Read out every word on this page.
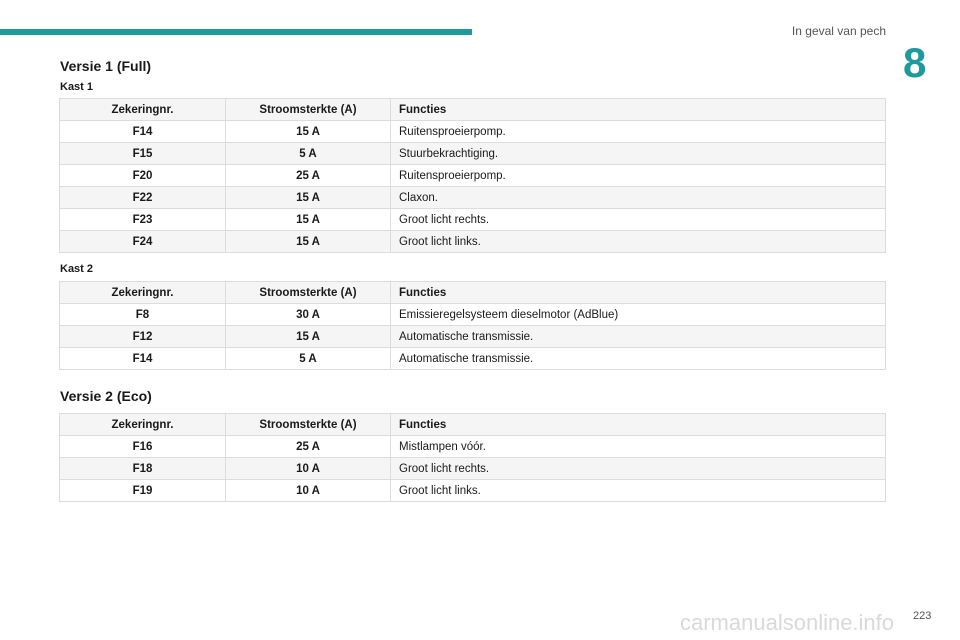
In geval van pech
8
Versie 1 (Full)
Kast 1
Zekeringnr.	Stroomsterkte (A)	Functies
F14	15 A	Ruitensproeierpomp.
F15	5 A	Stuurbekrachtiging.
F20	25 A	Ruitensproeierpomp.
F22	15 A	Claxon.
F23	15 A	Groot licht rechts.
F24	15 A	Groot licht links.
Kast 2
Zekeringnr.	Stroomsterkte (A)	Functies
F8	30 A	Emissieregelsysteem dieselmotor (AdBlue)
F12	15 A	Automatische transmissie.
F14	5 A	Automatische transmissie.
Versie 2 (Eco)
Zekeringnr.	Stroomsterkte (A)	Functies
F16	25 A	Mistlampen vóór.
F18	10 A	Groot licht rechts.
F19	10 A	Groot licht links.
carmanualsonline.info 223
